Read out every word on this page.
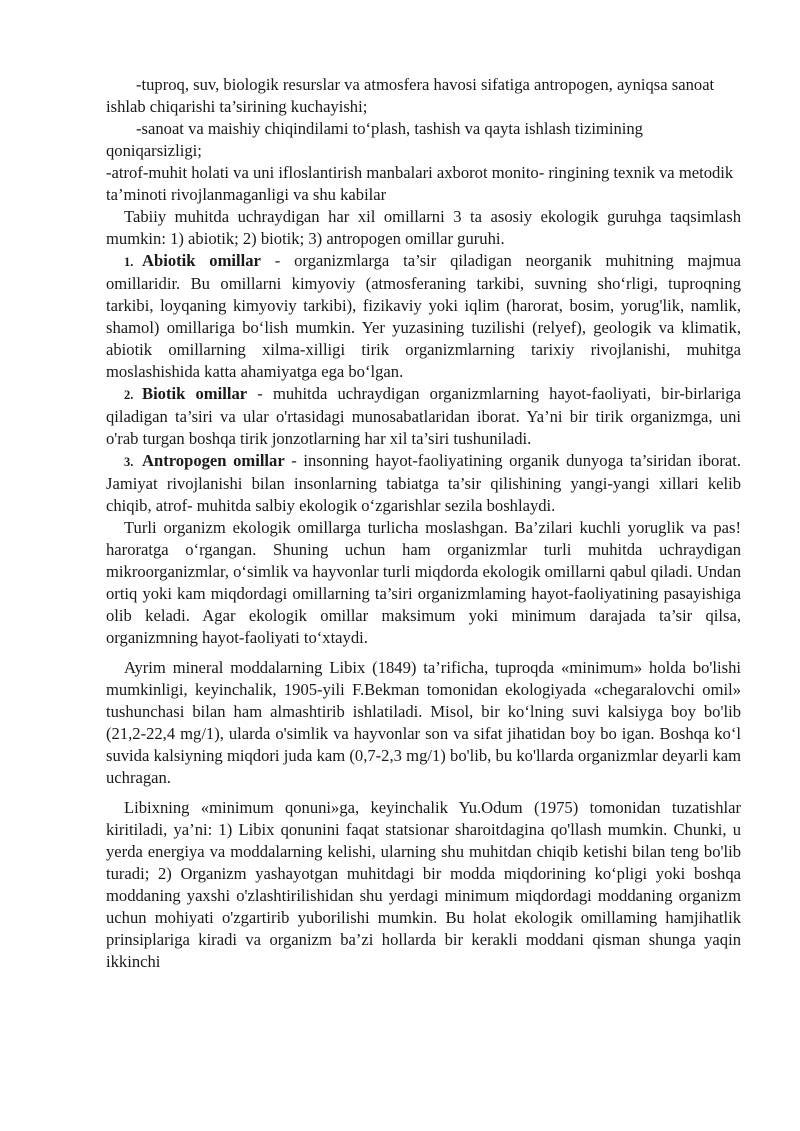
-tuproq, suv, biologik resurslar va atmosfera havosi sifatiga antropogen, ayniqsa sanoat ishlab chiqarishi ta’sirining kuchayishi;

-sanoat va maishiy chiqindilami to‘plash, tashish va qayta ishlash tizimining qoniqarsizligi;

-atrof-muhit holati va uni ifloslantirish manbalari axborot monito- ringining texnik va metodik ta’minoti rivojlanmaganligi va shu kabilar

Tabiiy muhitda uchraydigan har xil omillarni 3 ta asosiy ekologik guruhga taqsimlash mumkin: 1) abiotik; 2) biotik; 3) antropogen omillar guruhi.

1. Abiotik omillar - organizmlarga ta’sir qiladigan neorganik muhitning majmua omillaridir. Bu omillarni kimyoviy (atmosferaning tarkibi, suvning sho‘rligi, tuproqning tarkibi, loyqaning kimyoviy tarkibi), fizikaviy yoki iqlim (harorat, bosim, yorug'lik, namlik, shamol) omillariga bo‘lish mumkin. Yer yuzasining tuzilishi (relyef), geologik va klimatik, abiotik omillarning xilma-xilligi tirik organizmlarning tarixiy rivojlanishi, muhitga moslashishida katta ahamiyatga ega bo‘lgan.

2. Biotik omillar - muhitda uchraydigan organizmlarning hayot-faoliyati, bir-birlariga qiladigan ta’siri va ular o'rtasidagi munosabatlaridan iborat. Ya’ni bir tirik organizmga, uni o'rab turgan boshqa tirik jonzotlarning har xil ta’siri tushuniladi.

3. Antropogen omillar - insonning hayot-faoliyatining organik dunyoga ta’siridan iborat. Jamiyat rivojlanishi bilan insonlarning tabiatga ta’sir qilishining yangi-yangi xillari kelib chiqib, atrof- muhitda salbiy ekologik o‘zgarishlar sezila boshlaydi.

Turli organizm ekologik omillarga turlicha moslashgan. Ba’zilari kuchli yoruglik va pas! haroratga o‘rgangan. Shuning uchun ham organizmlar turli muhitda uchraydigan mikroorganizmlar, o‘simlik va hayvonlar turli miqdorda ekologik omillarni qabul qiladi. Undan ortiq yoki kam miqdordagi omillarning ta’siri organizmlaming hayot-faoliyatining pasayishiga olib keladi. Agar ekologik omillar maksimum yoki minimum darajada ta’sir qilsa, organizmning hayot-faoliyati to‘xtaydi.

Ayrim mineral moddalarning Libix (1849) ta’rificha, tuproqda «minimum» holda bo'lishi mumkinligi, keyinchalik, 1905-yili F.Bekman tomonidan ekologiyada «chegaralovchi omil» tushunchasi bilan ham almashtirib ishlatiladi. Misol, bir ko‘lning suvi kalsiyga boy bo'lib (21,2-22,4 mg/1), ularda o'simlik va hayvonlar son va sifat jihatidan boy bo igan. Boshqa ko‘l suvida kalsiyning miqdori juda kam (0,7-2,3 mg/1) bo'lib, bu ko'llarda organizmlar deyarli kam uchragan.

Libixning «minimum qonuni»ga, keyinchalik Yu.Odum (1975) tomonidan tuzatishlar kiritiladi, ya’ni: 1) Libix qonunini faqat statsionar sharoitdagina qo'llash mumkin. Chunki, u yerda energiya va moddalarning kelishi, ularning shu muhitdan chiqib ketishi bilan teng bo'lib turadi; 2) Organizm yashayotgan muhitdagi bir modda miqdorining ko‘pligi yoki boshqa moddaning yaxshi o'zlashtirilishidan shu yerdagi minimum miqdordagi moddaning organizm uchun mohiyati o'zgartirib yuborilishi mumkin. Bu holat ekologik omillaming hamjihatlik prinsiplariga kiradi va organizm ba’zi hollarda bir kerakli moddani qisman shunga yaqin ikkinchi
